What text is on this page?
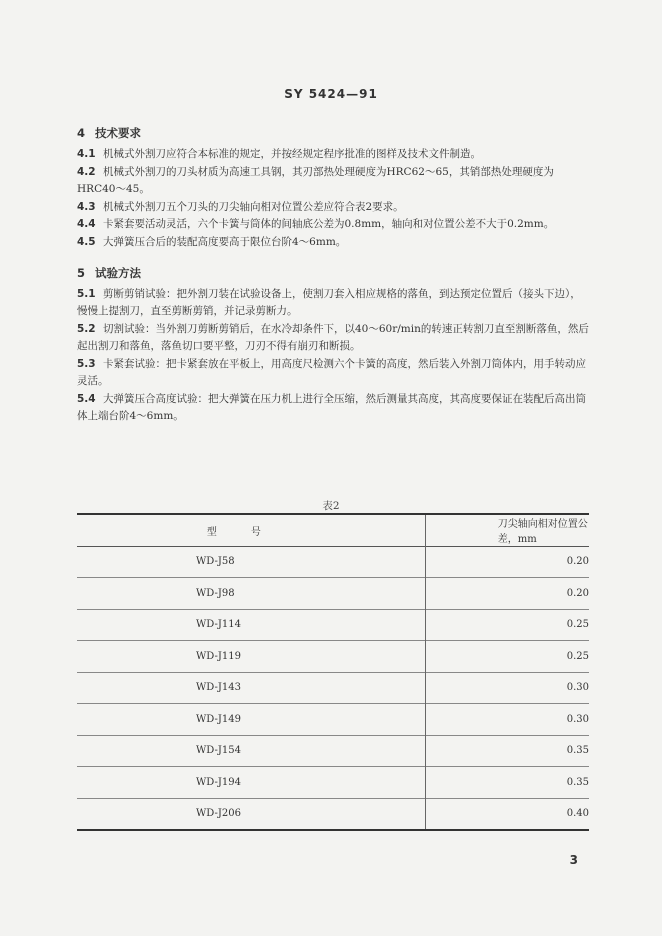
SY 5424—91
4 技术要求
4.1 机械式外割刀应符合本标准的规定，并按经规定程序批准的图样及技术文件制造。
4.2 机械式外割刀的刀头材质为高速工具钢，其刃部热处理硬度为HRC62～65，其销部热处理硬度为HRC40～45。
4.3 机械式外割刀五个刀头的刀尖轴向相对位置公差应符合表2要求。
4.4 卡紧套要活动灵活，六个卡簧与筒体的间轴底公差为0.8mm，轴向和对位置公差不大于0.2mm。
4.5 大弹簧压合后的装配高度要高于限位台阶4～6mm。
5 试验方法
5.1 剪断剪销试验：把外割刀装在试验设备上，使割刀套入相应规格的落鱼，到达预定位置后（接头下边），慢慢上提割刀，直至剪断剪销，并记录剪断力。
5.2 切割试验：当外割刀剪断剪销后，在水冷却条件下，以40～60r/min的转速正转割刀直至割断落鱼，然后起出割刀和落鱼，落鱼切口要平整，刀刃不得有崩刃和断损。
5.3 卡紧套试验：把卡紧套放在平板上，用高度尺检测六个卡簧的高度，然后装入外割刀筒体内，用手转动应灵活。
5.4 大弹簧压合高度试验：把大弹簧在压力机上进行全压缩，然后测量其高度，其高度要保证在装配后高出筒体上端台阶4～6mm。
表2
型号	刀尖轴向相对位置公差，mm
WD-J58	0.20
WD-J98	0.20
WD-J114	0.25
WD-J119	0.25
WD-J143	0.30
WD-J149	0.30
WD-J154	0.35
WD-J194	0.35
WD-J206	0.40
3
